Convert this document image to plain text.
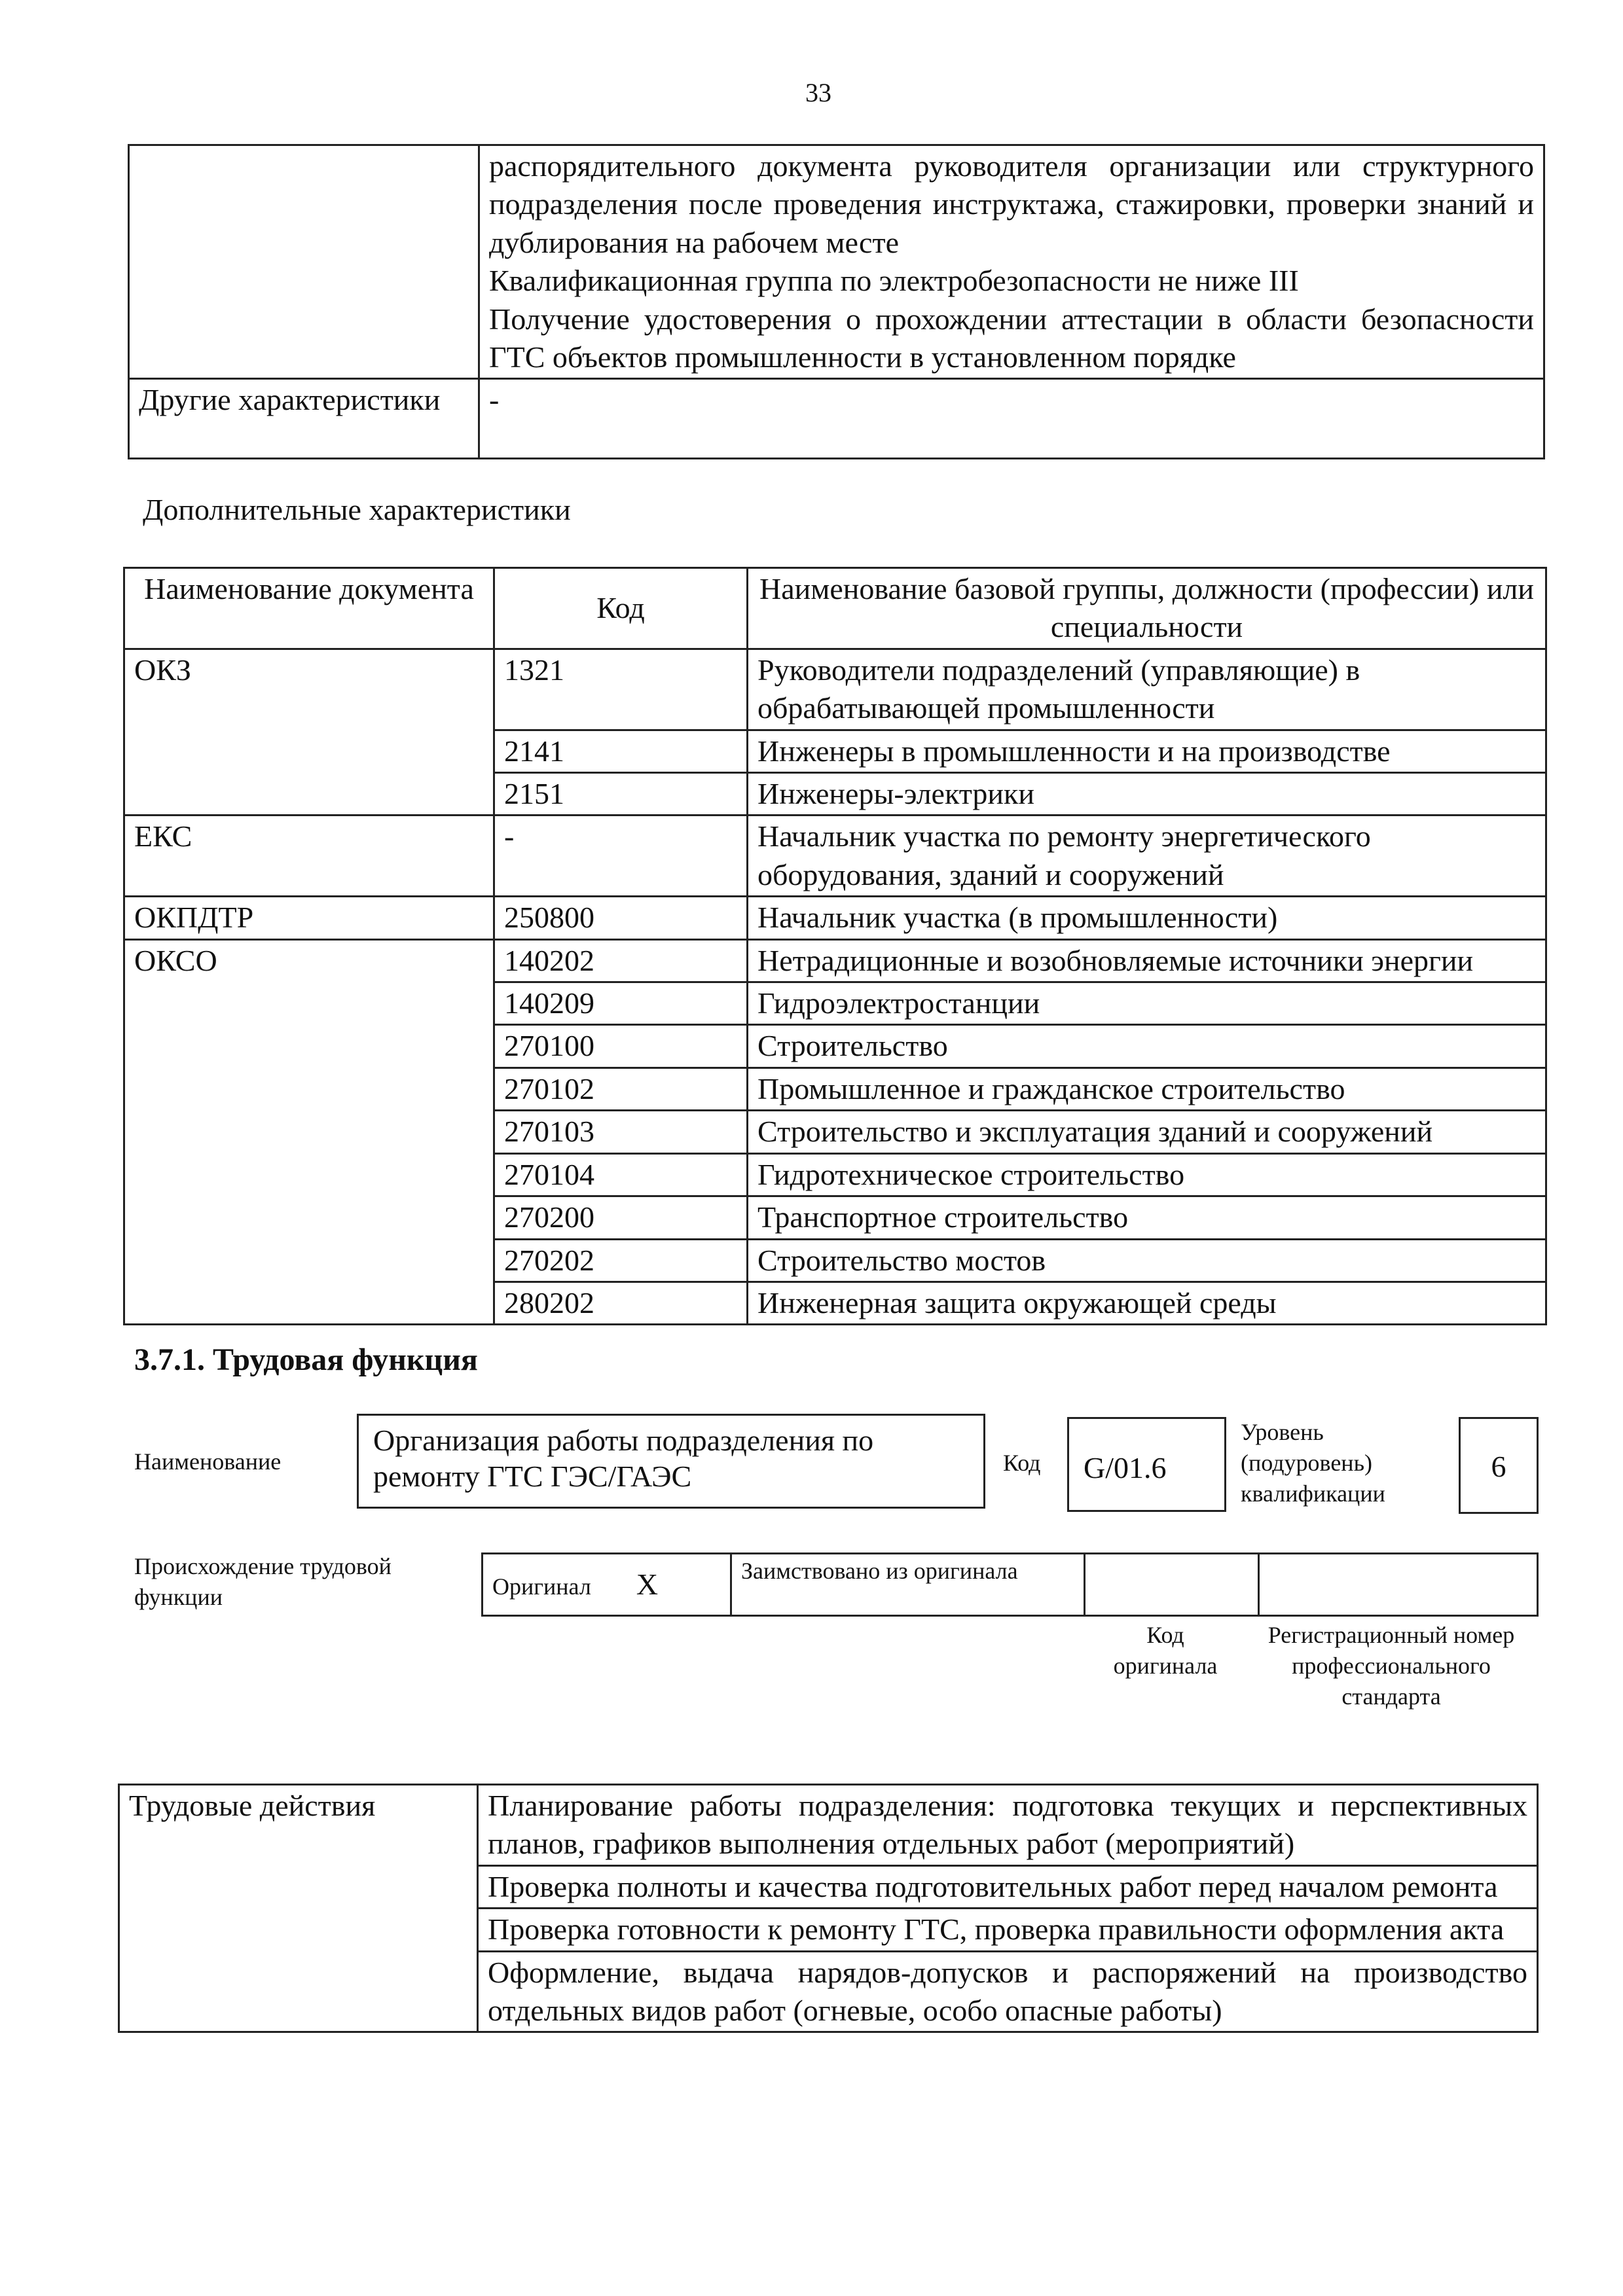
33

	распорядительного документа руководителя организации или структурного подразделения после проведения инструктажа, стажировки, проверки знаний и дублирования на рабочем месте
Квалификационная группа по электробезопасности не ниже III
Получение удостоверения о прохождении аттестации в области безопасности ГТС объектов промышленности в установленном порядке

Другие характеристики	-
Дополнительные характеристики
Наименование документа	Код	Наименование базовой группы, должности (профессии) или специальности
ОКЗ	1321	Руководители подразделений (управляющие) в обрабатывающей промышленности
	2141	Инженеры в промышленности и на производстве
	2151	Инженеры-электрики
ЕКС	-	Начальник участка по ремонту энергетического оборудования, зданий и сооружений
ОКПДТР	250800	Начальник участка (в промышленности)
ОКСО	140202	Нетрадиционные и возобновляемые источники энергии
	140209	Гидроэлектростанции
	270100	Строительство
	270102	Промышленное и гражданское строительство
	270103	Строительство и эксплуатация зданий и сооружений
	270104	Гидротехническое строительство
	270200	Транспортное строительство
	270202	Строительство мостов
	280202	Инженерная защита окружающей среды
3.7.1. Трудовая функция
Наименование
Организация работы подразделения по ремонту ГТС ГЭС/ГАЭС	Код	G/01.6
Уровень (подуровень) квалификации
6
Происхождение трудовой функции	Оригинал X	Заимствовано из оригинала		
Код оригинала
Регистрационный номер профессионального стандарта
Трудовые действия	Планирование работы подразделения: подготовка текущих и перспективных планов, графиков выполнения отдельных работ (мероприятий)
Проверка полноты и качества подготовительных работ перед началом ремонта
Проверка готовности к ремонту ГТС, проверка правильности оформления акта
Оформление, выдача нарядов-допусков и распоряжений на производство отдельных видов работ (огневые, особо опасные работы)
